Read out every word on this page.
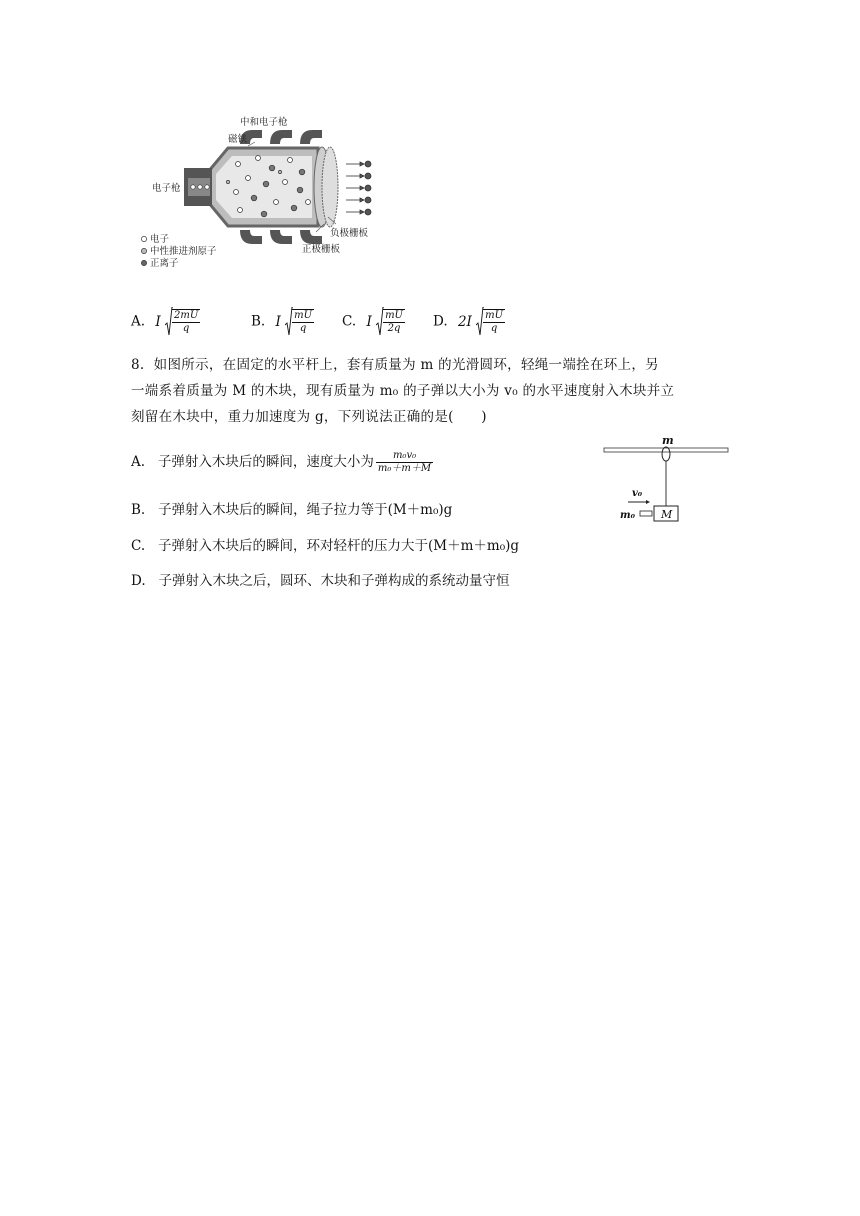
中和电子枪
磁铁
电子枪
负极栅板
正极栅板
电子
中性推进剂原子
正离子
A. I $\frac{2mU}{q}$	B. I $\frac{mU}{q} C$. I $\frac{mU}{2q} D$. $2I \frac{mU}{q}$
8. 如图所示，在固定的水平杆上，套有质量为 m 的光滑圆环，轻绳一端拴在环上，另
一端系着质量为 M 的木块，现有质量为 m₀ 的子弹以大小为 v₀ 的水平速度射入木块并立
刻留在木块中，重力加速度为 g，下列说法正确的是(　　)
A. 子弹射入木块后的瞬间，速度大小为 $\frac{\text{m₀v₀}}{\text{m₀＋m＋M}}$
B. 子弹射入木块后的瞬间，绳子拉力等于(M＋m₀)g
C. 子弹射入木块后的瞬间，环对轻杆的压力大于(M＋m＋m₀)g
D. 子弹射入木块之后，圆环、木块和子弹构成的系统动量守恒
m
v₀
m₀ M
